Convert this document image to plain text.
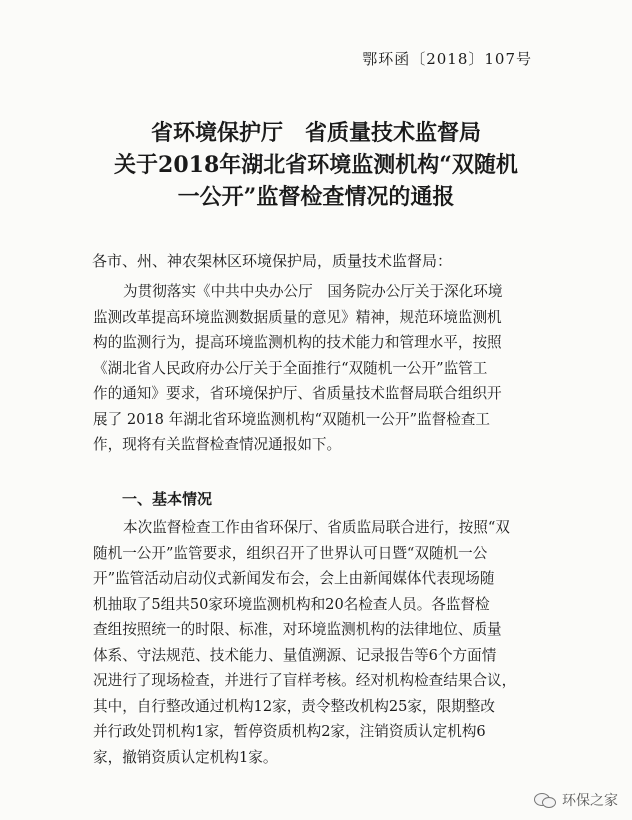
鄂环函〔2018〕107号
省环境保护厅　省质量技术监督局
关于2018年湖北省环境监测机构“双随机
一公开”监督检查情况的通报
各市、州、神农架林区环境保护局，质量技术监督局：
为贯彻落实《中共中央办公厅　国务院办公厅关于深化环境
监测改革提高环境监测数据质量的意见》精神，规范环境监测机
构的监测行为，提高环境监测机构的技术能力和管理水平，按照
《湖北省人民政府办公厅关于全面推行“双随机一公开”监管工
作的通知》要求，省环境保护厅、省质量技术监督局联合组织开
展了 2018 年湖北省环境监测机构“双随机一公开”监督检查工
作，现将有关监督检查情况通报如下。
一、基本情况
本次监督检查工作由省环保厅、省质监局联合进行，按照“双
随机一公开”监管要求，组织召开了世界认可日暨“双随机一公
开”监管活动启动仪式新闻发布会，会上由新闻媒体代表现场随
机抽取了5组共50家环境监测机构和20名检查人员。各监督检
查组按照统一的时限、标准，对环境监测机构的法律地位、质量
体系、守法规范、技术能力、量值溯源、记录报告等6个方面情
况进行了现场检查，并进行了盲样考核。经对机构检查结果合议，
其中，自行整改通过机构12家，责令整改机构25家，限期整改
并行政处罚机构1家，暂停资质机构2家，注销资质认定机构6
家，撤销资质认定机构1家。
环保之家
